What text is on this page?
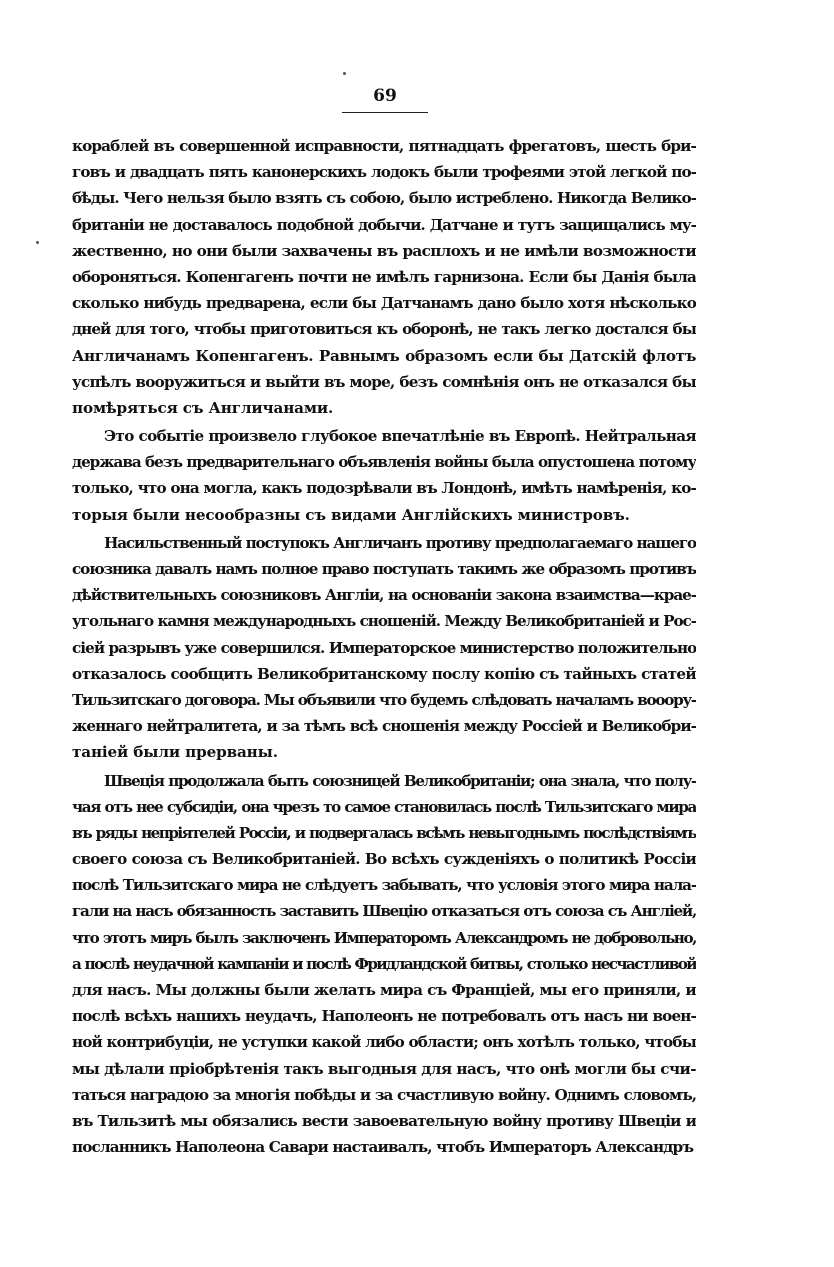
69
кораблей въ совершенной исправности, пятнадцать фрегатовъ, шесть бри-
говъ и двадцать пять канонерскихъ лодокъ были трофеями этой легкой по-
бѣды. Чего нельзя было взять съ собою, было истреблено. Никогда Велико-
британіи не доставалось подобной добычи. Датчане и тутъ защищались му-
жественно, но они были захвачены въ расплохъ и не имѣли возможности
обороняться. Копенгагенъ почти не имѣлъ гарнизона. Если бы Данія была
сколько нибудь предварена, если бы Датчанамъ дано было хотя нѣсколько
дней для того, чтобы приготовиться къ оборонѣ, не такъ легко достался бы
Англичанамъ Копенгагенъ. Равнымъ образомъ если бы Датскій флотъ
успѣлъ вооружиться и выйти въ море, безъ сомнѣнія онъ не отказался бы
помѣряться съ Англичанами.
Это событіе произвело глубокое впечатлѣніе въ Европѣ. Нейтральная
держава безъ предварительнаго объявленія войны была опустошена потому
только, что она могла, какъ подозрѣвали въ Лондонѣ, имѣть намѣренія, ко-
торыя были несообразны съ видами Англійскихъ министровъ.
Насильственный поступокъ Англичанъ противу предполагаемаго нашего
союзника давалъ намъ полное право поступать такимъ же образомъ противъ
дѣйствительныхъ союзниковъ Англіи, на основаніи закона взаимства—крае-
угольнаго камня международныхъ сношеній. Между Великобританіей и Рос-
сіей разрывъ уже совершился. Императорское министерство положительно
отказалось сообщить Великобританскому послу копію съ тайныхъ статей
Тильзитскаго договора. Мы объявили что будемъ слѣдовать началамъ вооору-
женнаго нейтралитета, и за тѣмъ всѣ сношенія между Россіей и Великобри-
таніей были прерваны.
Швеція продолжала быть союзницей Великобританіи; она знала, что полу-
чая отъ нее субсидіи, она чрезъ то самое становилась послѣ Тильзитскаго мира
въ ряды непріятелей Россіи, и подвергалась всѣмъ невыгоднымъ послѣдствіямъ
своего союза съ Великобританіей. Во всѣхъ сужденіяхъ о политикѣ Россіи
послѣ Тильзитскаго мира не слѣдуетъ забывать, что условія этого мира нала-
гали на насъ обязанность заставить Швецію отказаться отъ союза съ Англіей,
что этотъ миръ былъ заключенъ Императоромъ Александромъ не добровольно,
а послѣ неудачной кампаніи и послѣ Фридландской битвы, столько несчастливой
для насъ. Мы должны были желать мира съ Франціей, мы его приняли, и
послѣ всѣхъ нашихъ неудачъ, Наполеонъ не потребовалъ отъ насъ ни воен-
ной контрибуціи, не уступки какой либо области; онъ хотѣлъ только, чтобы
мы дѣлали пріобрѣтенія такъ выгодныя для насъ, что онѣ могли бы счи-
таться наградою за многія побѣды и за счастливую войну. Однимъ словомъ,
въ Тильзитѣ мы обязались вести завоевательную войну противу Швеціи и
посланникъ Наполеона Савари настаивалъ, чтобъ Императоръ Александръ
